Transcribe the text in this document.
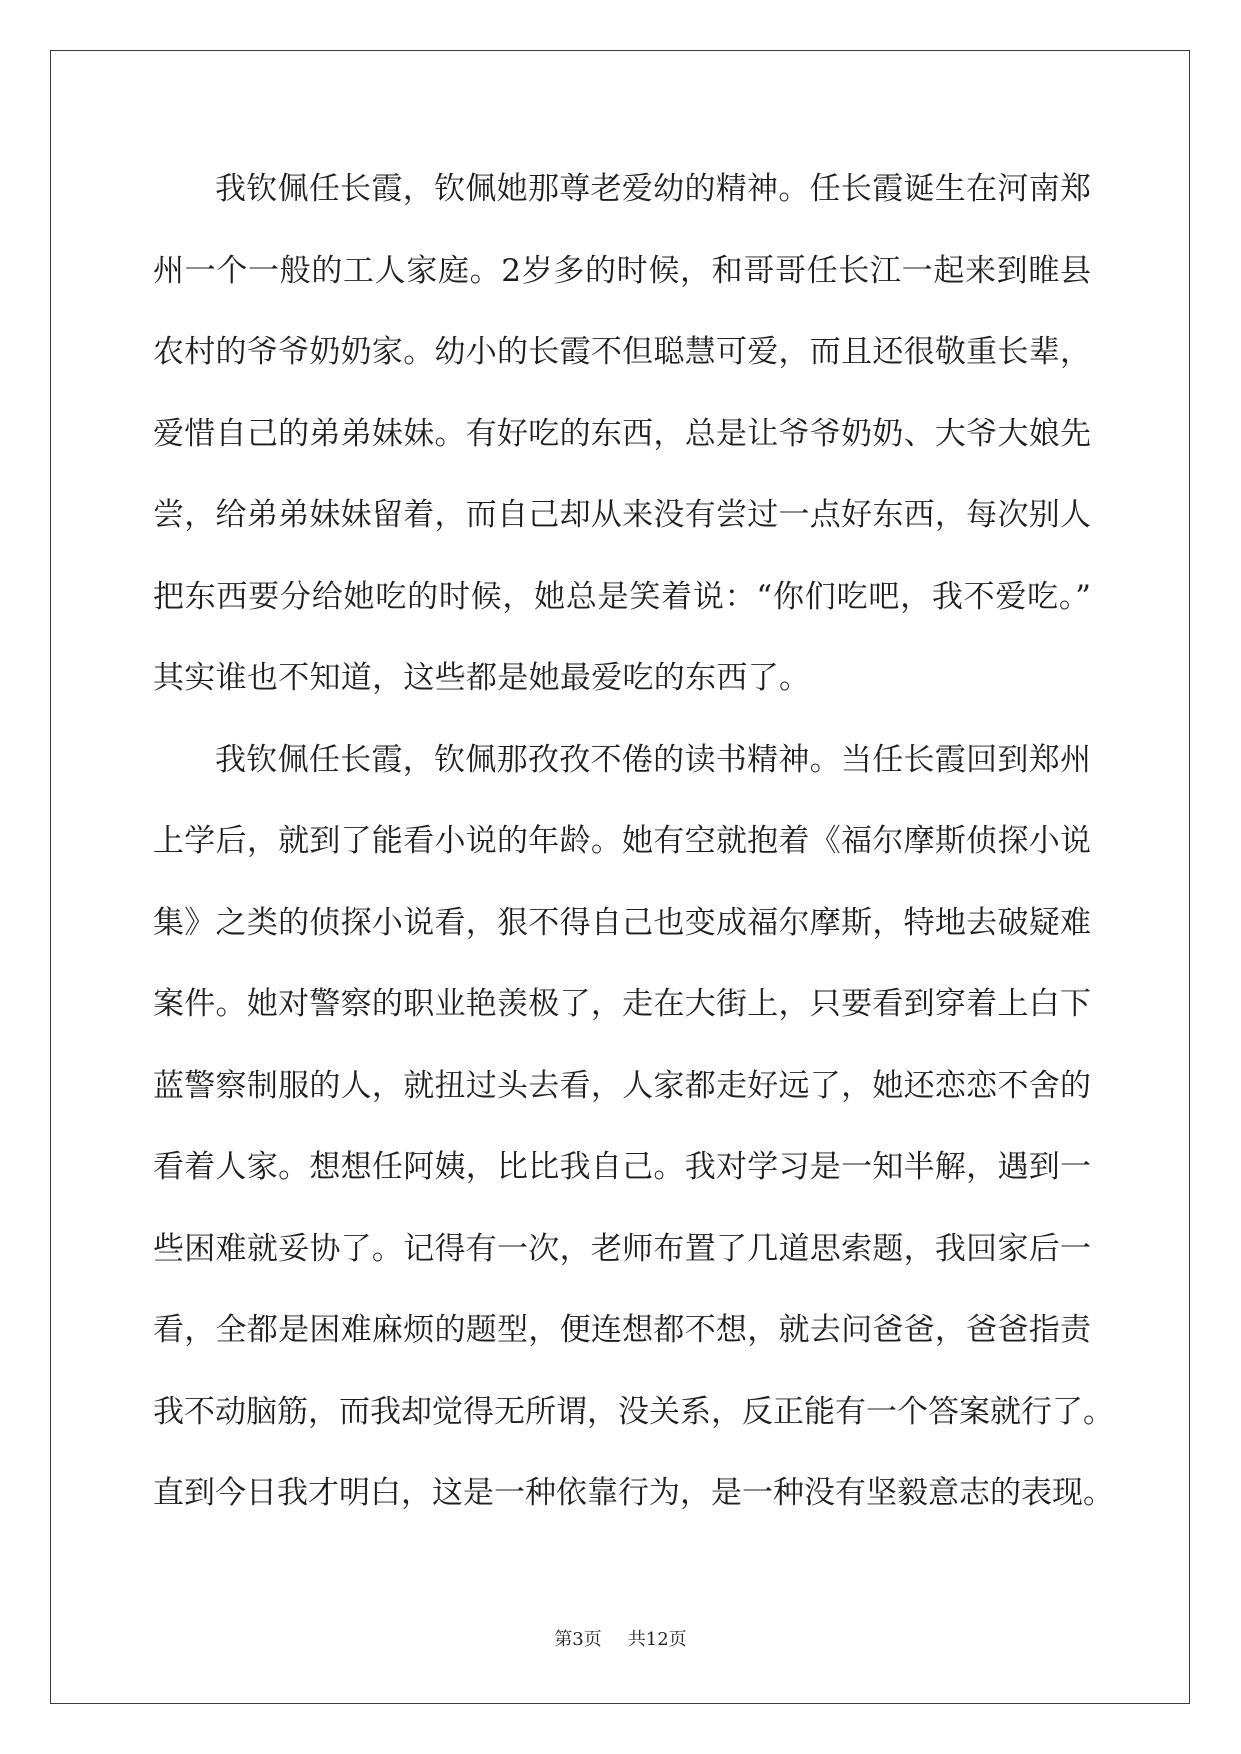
我钦佩任长霞，钦佩她那尊老爱幼的精神。任长霞诞生在河南郑
州一个一般的工人家庭。2岁多的时候，和哥哥任长江一起来到睢县
农村的爷爷奶奶家。幼小的长霞不但聪慧可爱，而且还很敬重长辈，
爱惜自己的弟弟妹妹。有好吃的东西，总是让爷爷奶奶、大爷大娘先
尝，给弟弟妹妹留着，而自己却从来没有尝过一点好东西，每次别人
把东西要分给她吃的时候，她总是笑着说：“你们吃吧，我不爱吃。”
其实谁也不知道，这些都是她最爱吃的东西了。
我钦佩任长霞，钦佩那孜孜不倦的读书精神。当任长霞回到郑州
上学后，就到了能看小说的年龄。她有空就抱着《福尔摩斯侦探小说
集》之类的侦探小说看，狠不得自己也变成福尔摩斯，特地去破疑难
案件。她对警察的职业艳羡极了，走在大街上，只要看到穿着上白下
蓝警察制服的人，就扭过头去看，人家都走好远了，她还恋恋不舍的
看着人家。想想任阿姨，比比我自己。我对学习是一知半解，遇到一
些困难就妥协了。记得有一次，老师布置了几道思索题，我回家后一
看，全都是困难麻烦的题型，便连想都不想，就去问爸爸，爸爸指责
我不动脑筋，而我却觉得无所谓，没关系，反正能有一个答案就行了。
直到今日我才明白，这是一种依靠行为，是一种没有坚毅意志的表现。
第3页 共12页
